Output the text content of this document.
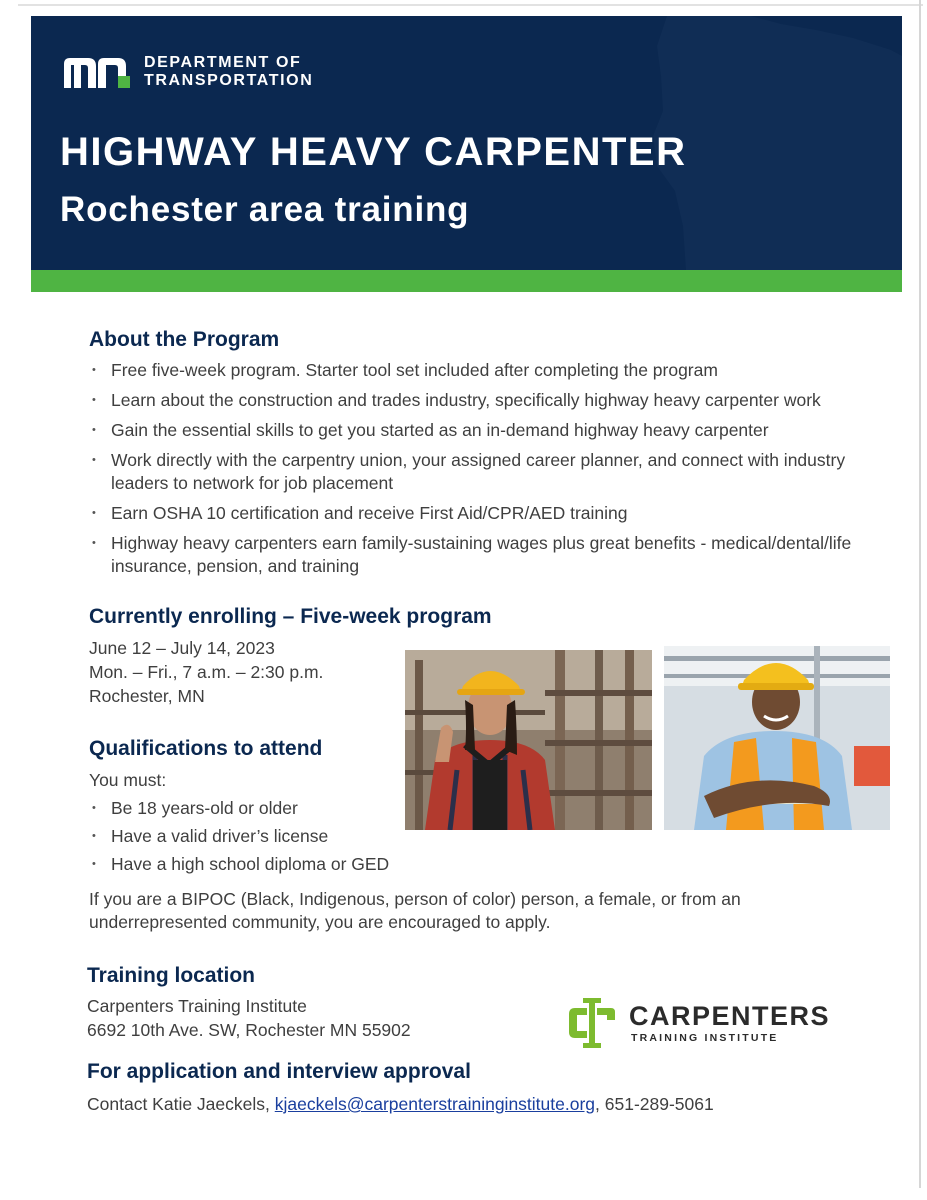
DEPARTMENT OF
TRANSPORTATION
HIGHWAY HEAVY CARPENTER
Rochester area training
About the Program
• Free five-week program. Starter tool set included after completing the program
• Learn about the construction and trades industry, specifically highway heavy carpenter work
• Gain the essential skills to get you started as an in-demand highway heavy carpenter
• Work directly with the carpentry union, your assigned career planner, and connect with industry leaders to network for job placement
• Earn OSHA 10 certification and receive First Aid/CPR/AED training
• Highway heavy carpenters earn family-sustaining wages plus great benefits - medical/dental/life insurance, pension, and training
Currently enrolling – Five-week program

June 12 – July 14, 2023

Mon. – Fri., 7 a.m. – 2:30 p.m.

Rochester, MN

Qualifications to attend

You must:

• Be 18 years-old or older
• Have a valid driver’s license
• Have a high school diploma or GED

If you are a BIPOC (Black, Indigenous, person of color) person, a female, or from an underrepresented community, you are encouraged to apply.

Training location

Carpenters Training Institute

6692 10th Ave. SW, Rochester MN 55902	CARPENTERS
TRAINING INSTITUTE
For application and interview approval

Contact Katie Jaeckels, kjaeckels@carpenterstraininginstitute.org, 651-289-5061
